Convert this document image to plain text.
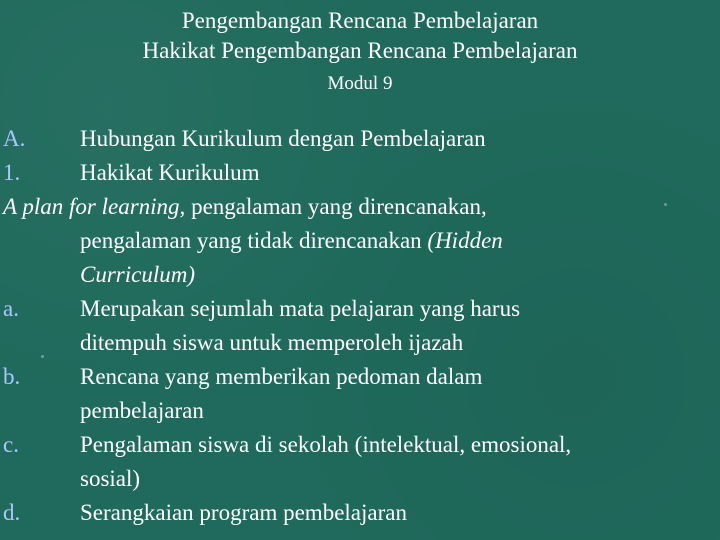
Pengembangan Rencana Pembelajaran
Hakikat Pengembangan Rencana Pembelajaran
Modul 9
A. Hubungan Kurikulum dengan Pembelajaran
1.	Hakikat Kurikulum
A plan for learning, pengalaman yang direncanakan,
pengalaman yang tidak direncanakan (Hidden
Curriculum)
a.	Merupakan sejumlah mata pelajaran yang harus
ditempuh siswa untuk memperoleh ijazah
b.	Rencana yang memberikan pedoman dalam
pembelajaran
c.	Pengalaman siswa di sekolah (intelektual, emosional,
sosial)
d.	Serangkaian program pembelajaran
